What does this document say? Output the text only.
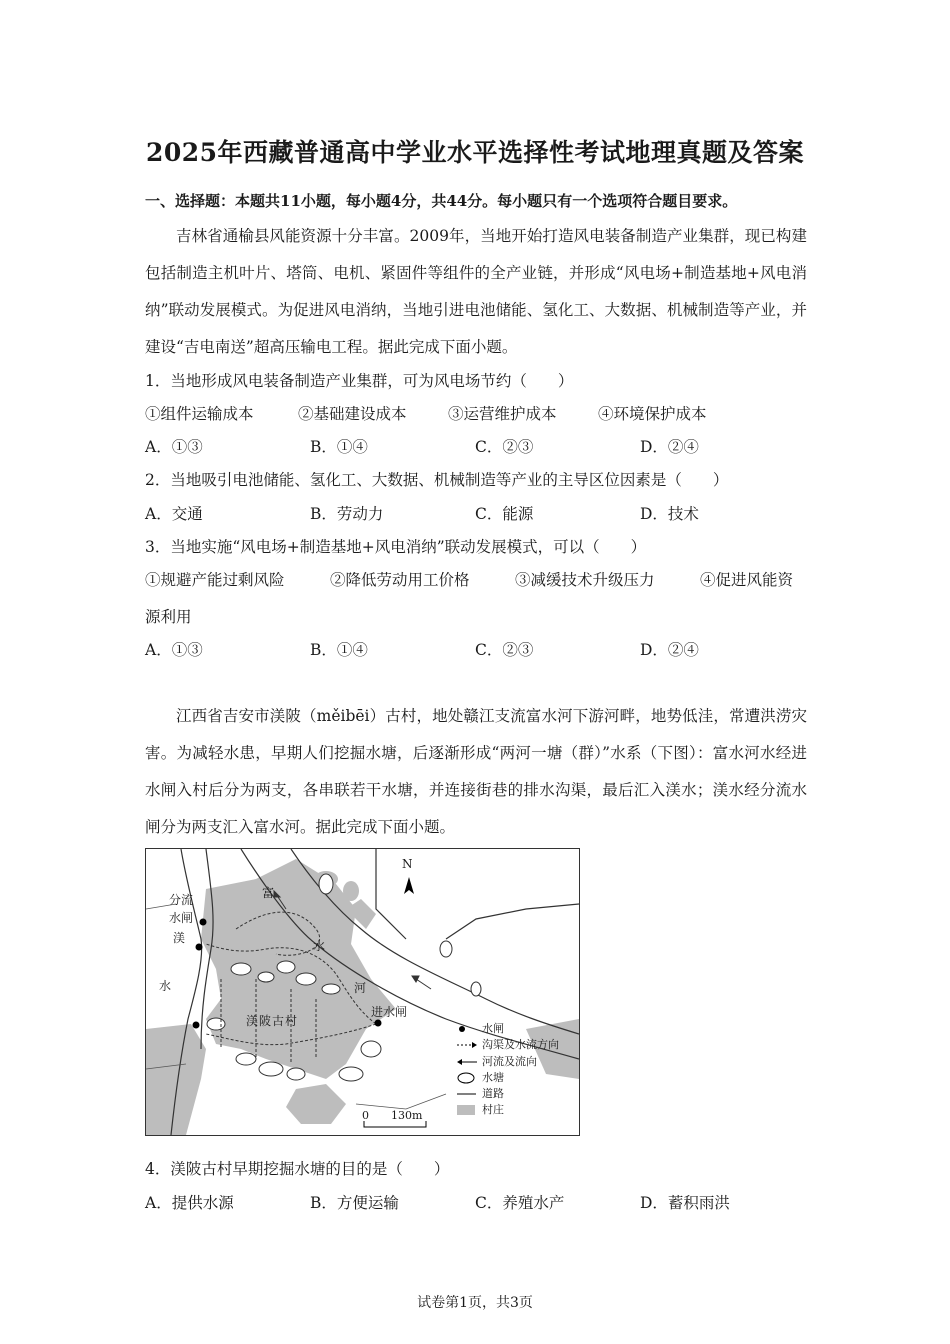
2025年西藏普通高中学业水平选择性考试地理真题及答案
一、选择题：本题共11小题，每小题4分，共44分。每小题只有一个选项符合题目要求。
吉林省通榆县风能资源十分丰富。2009年，当地开始打造风电装备制造产业集群，现已构建包括制造主机叶片、塔筒、电机、紧固件等组件的全产业链，并形成“风电场+制造基地+风电消纳”联动发展模式。为促进风电消纳，当地引进电池储能、氢化工、大数据、机械制造等产业，并建设“吉电南送”超高压输电工程。据此完成下面小题。
1．当地形成风电装备制造产业集群，可为风电场节约（　　）
①组件运输成本	②基础建设成本	③运营维护成本	④环境保护成本
A．①③	B．①④	C．②③	D．②④
2．当地吸引电池储能、氢化工、大数据、机械制造等产业的主导区位因素是（　　）
A．交通	B．劳动力	C．能源	D．技术
3．当地实施“风电场+制造基地+风电消纳”联动发展模式，可以（　　）
①规避产能过剩风险	②降低劳动用工价格	③减缓技术升级压力	④促进风能资
源利用
A．①③	B．①④	C．②③	D．②④
江西省吉安市渼陂（měibēi）古村，地处赣江支流富水河下游河畔，地势低洼，常遭洪涝灾害。为减轻水患，早期人们挖掘水塘，后逐渐形成“两河一塘（群）”水系（下图）：富水河水经进水闸入村后分为两支，各串联若干水塘，并连接街巷的排水沟渠，最后汇入渼水；渼水经分流水闸分为两支汇入富水河。据此完成下面小题。
N
分流
水闸
渼
水
富
水
河
进水闸
渼陂古村
0　　130m
水闸
沟渠及水流方向
河流及流向
水塘
道路
村庄
4．渼陂古村早期挖掘水塘的目的是（　　）
A．提供水源	B．方便运输	C．养殖水产	D．蓄积雨洪
试卷第1页，共3页
